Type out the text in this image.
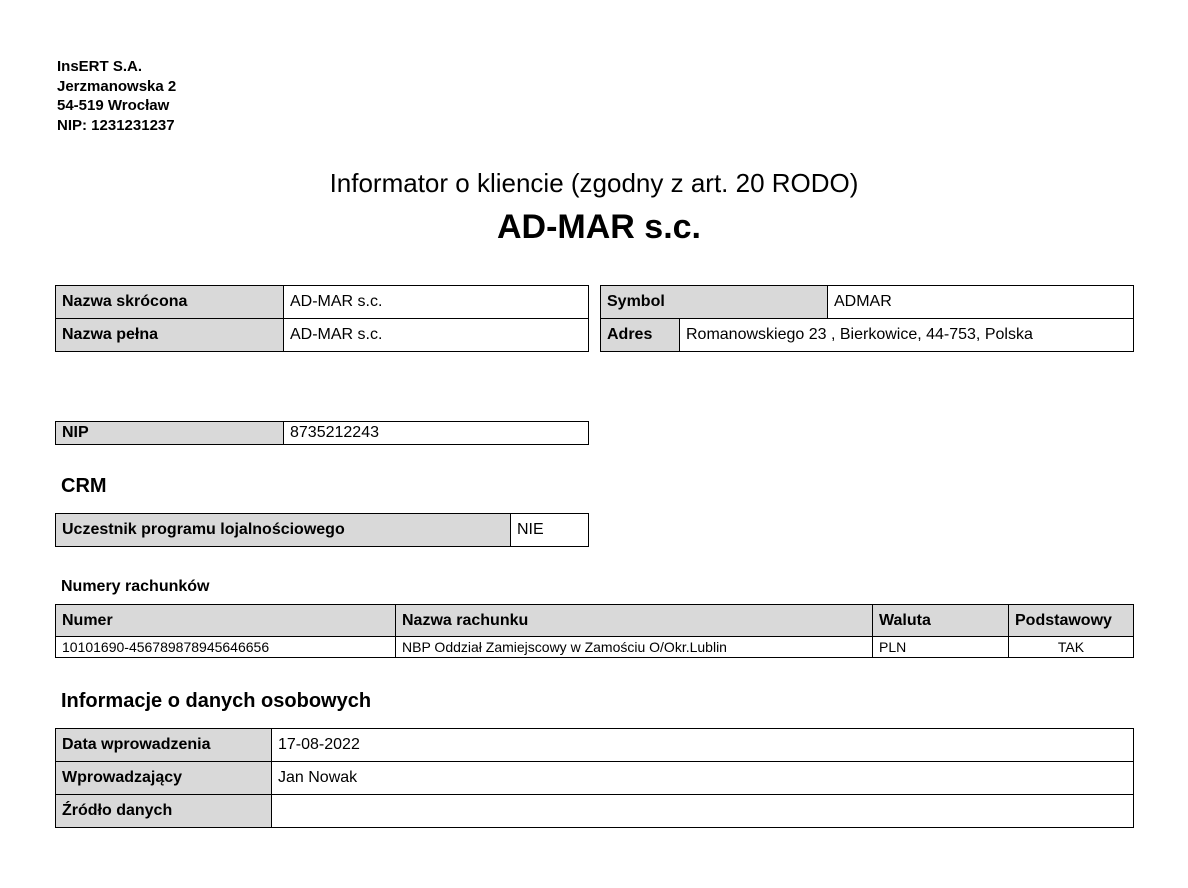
InsERT S.A.
Jerzmanowska 2
54-519 Wrocław
NIP: 1231231237
Informator o kliencie (zgodny z art. 20 RODO)
AD-MAR s.c.
Nazwa skrócona	AD-MAR s.c.
Nazwa pełna	AD-MAR s.c.
Symbol	ADMAR
Adres	Romanowskiego 23 , Bierkowice, 44-753, Polska
NIP	8735212243
CRM
Uczestnik programu lojalnościowego	NIE
Numery rachunków
Numer	Nazwa rachunku	Waluta	Podstawowy
10101690-456789878945646656	NBP Oddział Zamiejscowy w Zamościu O/Okr.Lublin	PLN	TAK
Informacje o danych osobowych
Data wprowadzenia	17-08-2022
Wprowadzający	Jan Nowak
Źródło danych	
